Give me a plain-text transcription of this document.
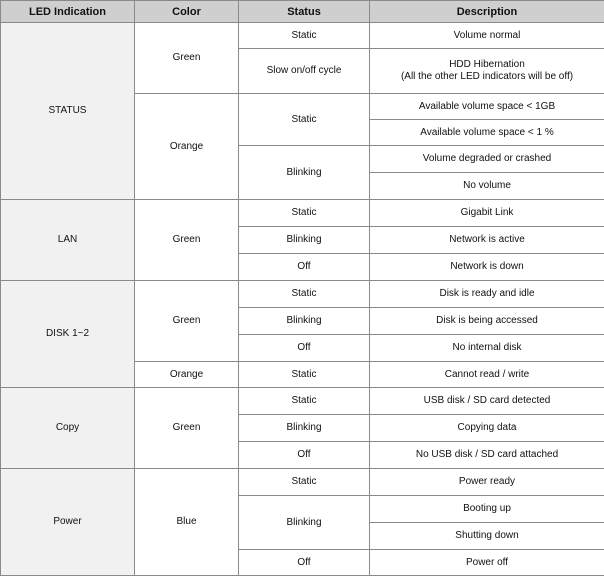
LED Indication	Color	Status	Description
STATUS	Green	Static	Volume normal
		Slow on/off cycle	HDD Hibernation
(All the other LED indicators will be off)

	Orange	Static	Available volume space < 1GB
			Available volume space < 1 %
		Blinking	Volume degraded or crashed
			No volume

LAN	Green	Static	Gigabit Link
		Blinking	Network is active
		Off	Network is down
DISK 1~2	Green	Static	Disk is ready and idle
		Blinking	Disk is being accessed
		Off	No internal disk
	Orange	Static	Cannot read / write
Copy	Green	Static	USB disk / SD card detected
		Blinking	Copying data
		Off	No USB disk / SD card attached
Power	Blue	Static	Power ready
		Blinking	Booting up
			Shutting down
		Off	Power off
